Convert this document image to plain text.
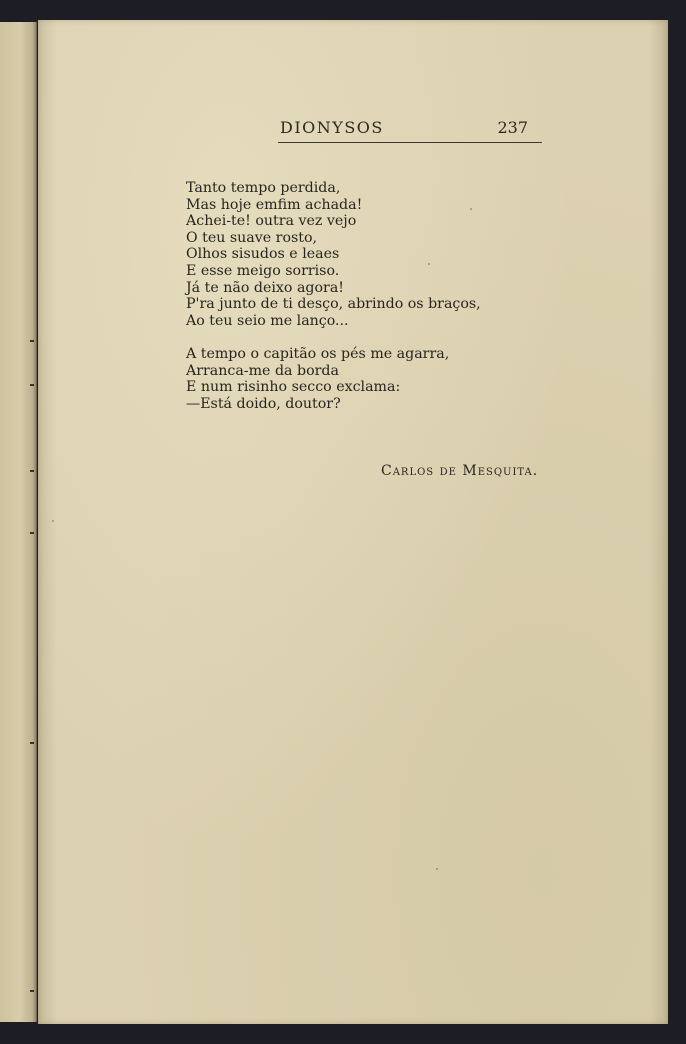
DIONYSOS	237
Tanto tempo perdida,
Mas hoje emfim achada!
Achei-te! outra vez vejo
O teu suave rosto,
Olhos sisudos e leaes
E esse meigo sorriso.
Já te não deixo agora!
P'ra junto de ti desço, abrindo os braços,
Ao teu seio me lanço...
A tempo o capitão os pés me agarra,
Arranca-me da borda
E num risinho secco exclama:
—Está doido, doutor?
Carlos de Mesquita.
